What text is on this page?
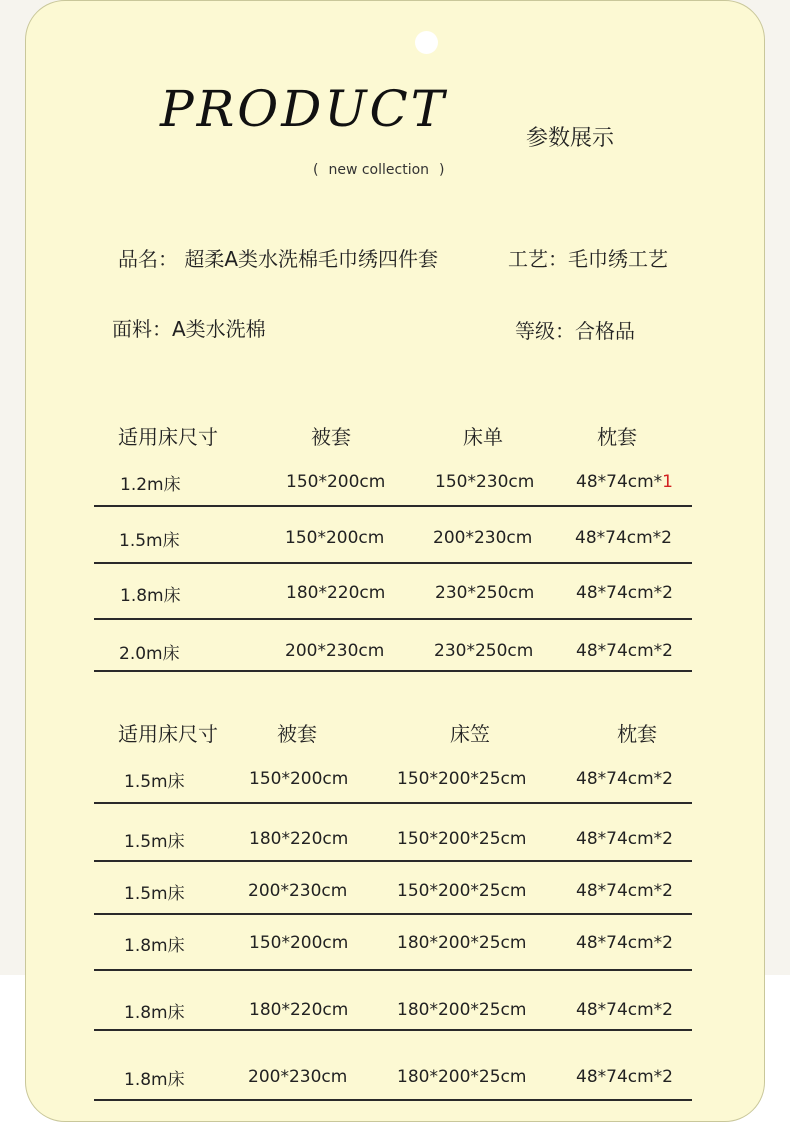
PRODUCT
( new collection )
参数展示
品名： 超柔A类水洗棉毛巾绣四件套	工艺：毛巾绣工艺
面料：A类水洗棉	等级：合格品
适用床尺寸	被套	床单	枕套
1.2m床	150*200cm	150*230cm 48*74cm*1
1.5m床	150*200cm	200*230cm	48*74cm*2
1.8m床	180*220cm	230*250cm 48*74cm*2
2.0m床	200*230cm	230*250cm	48*74cm*2
适用床尺寸	被套	床笠	枕套
1.5m床	150*200cm	150*200*25cm	48*74cm*2
1.5m床	180*220cm	150*200*25cm	48*74cm*2
1.5m床	200*230cm	150*200*25cm	48*74cm*2
1.8m床	150*200cm	180*200*25cm	48*74cm*2
1.8m床	180*220cm	180*200*25cm	48*74cm*2
1.8m床	200*230cm	180*200*25cm	48*74cm*2
